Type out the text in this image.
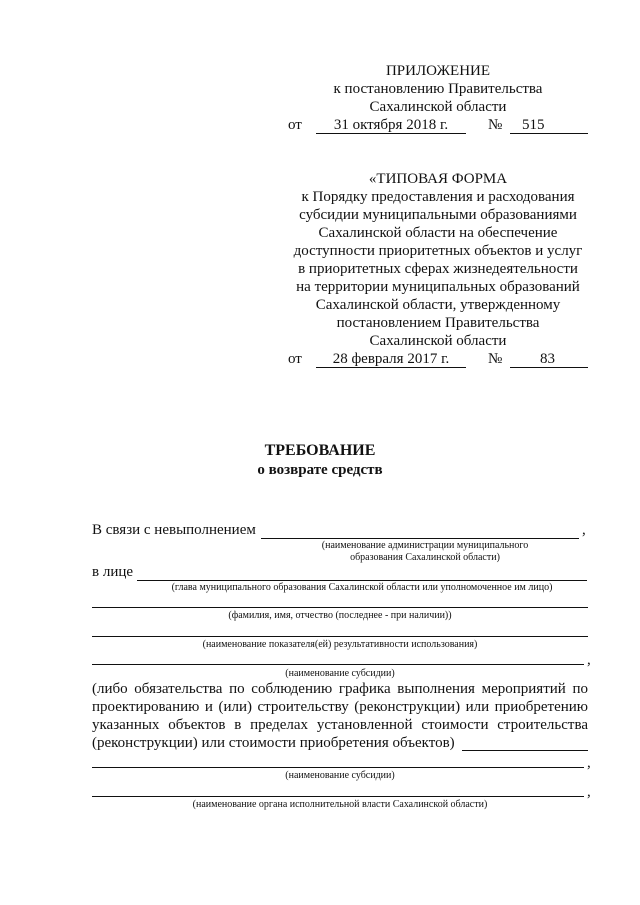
ПРИЛОЖЕНИЕ
к постановлению Правительства
Сахалинской области
от	31 октября 2018 г.	№ 515
«ТИПОВАЯ ФОРМА
к Порядку предоставления и расходования
субсидии муниципальными образованиями
Сахалинской области на обеспечение
доступности приоритетных объектов и услуг
в приоритетных сферах жизнедеятельности
на территории муниципальных образований
Сахалинской области, утвержденному
постановлением Правительства
Сахалинской области
от	28 февраля 2017 г.	№	83
ТРЕБОВАНИЕ
о возврате средств
В связи с невыполнением	,
(наименование администрации муниципального
образования Сахалинской области)
в лице
(глава муниципального образования Сахалинской области или уполномоченное им лицо)
(фамилия, имя, отчество (последнее - при наличии))
(наименование показателя(ей) результативности использования)
,
(наименование субсидии)
(либо обязательства по соблюдению графика выполнения мероприятий по
проектированию и (или) строительству (реконструкции) или приобретению
указанных объектов в пределах установленной стоимости строительства
(реконструкции) или стоимости приобретения объектов)
,
(наименование субсидии)
,
(наименование органа исполнительной власти Сахалинской области)
